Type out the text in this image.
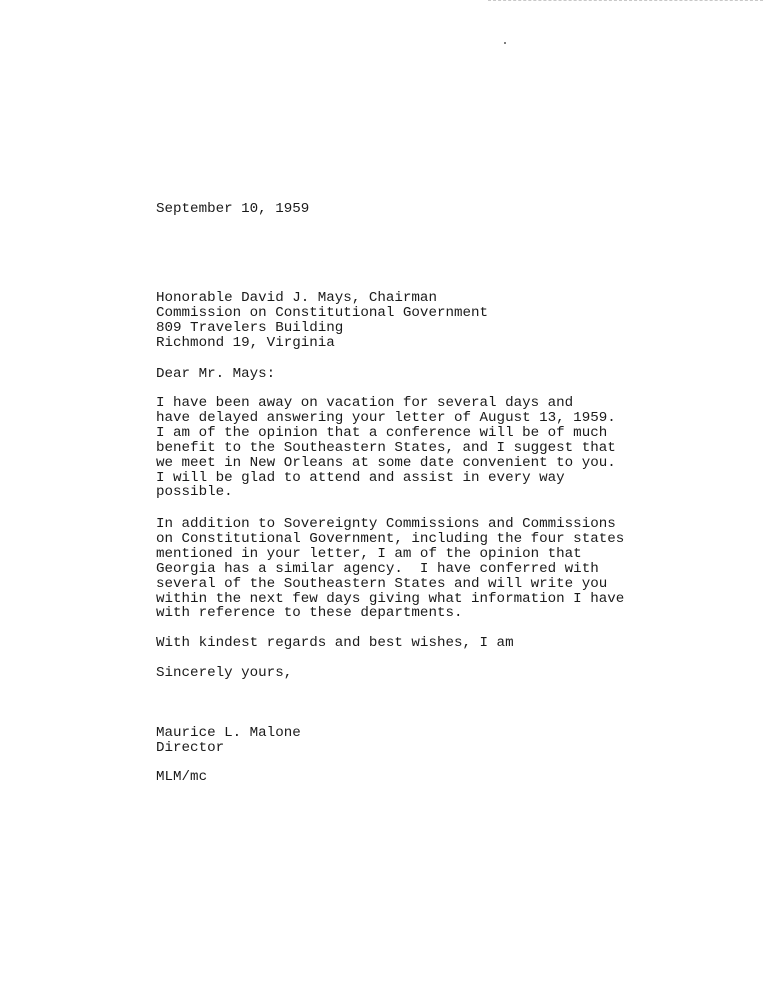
September 10, 1959
Honorable David J. Mays, Chairman
Commission on Constitutional Government
809 Travelers Building
Richmond 19, Virginia
Dear Mr. Mays:
I have been away on vacation for several days and
have delayed answering your letter of August 13, 1959.
I am of the opinion that a conference will be of much
benefit to the Southeastern States, and I suggest that
we meet in New Orleans at some date convenient to you.
I will be glad to attend and assist in every way
possible.
In addition to Sovereignty Commissions and Commissions
on Constitutional Government, including the four states
mentioned in your letter, I am of the opinion that
Georgia has a similar agency.  I have conferred with
several of the Southeastern States and will write you
within the next few days giving what information I have
with reference to these departments.
With kindest regards and best wishes, I am
Sincerely yours,
Maurice L. Malone
Director
MLM/mc
